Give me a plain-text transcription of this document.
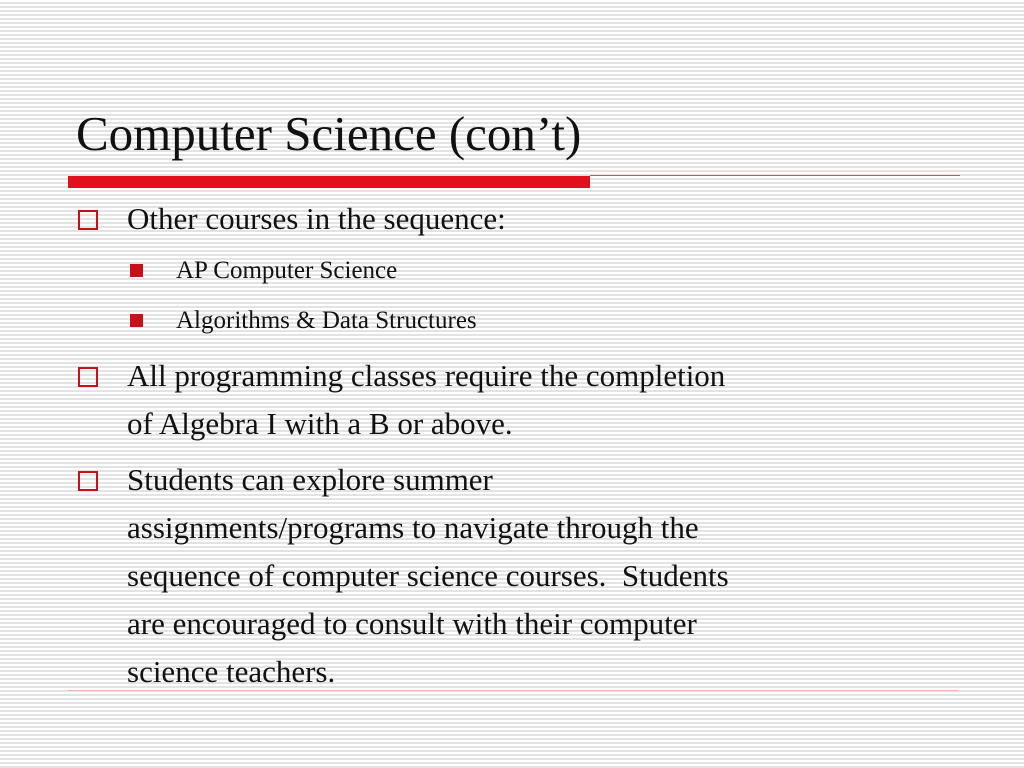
Computer Science (con’t)
Other courses in the sequence:
AP Computer Science
Algorithms & Data Structures
All programming classes require the completion
of Algebra I with a B or above.
Students can explore summer
assignments/programs to navigate through the
sequence of computer science courses.  Students
are encouraged to consult with their computer
science teachers.
